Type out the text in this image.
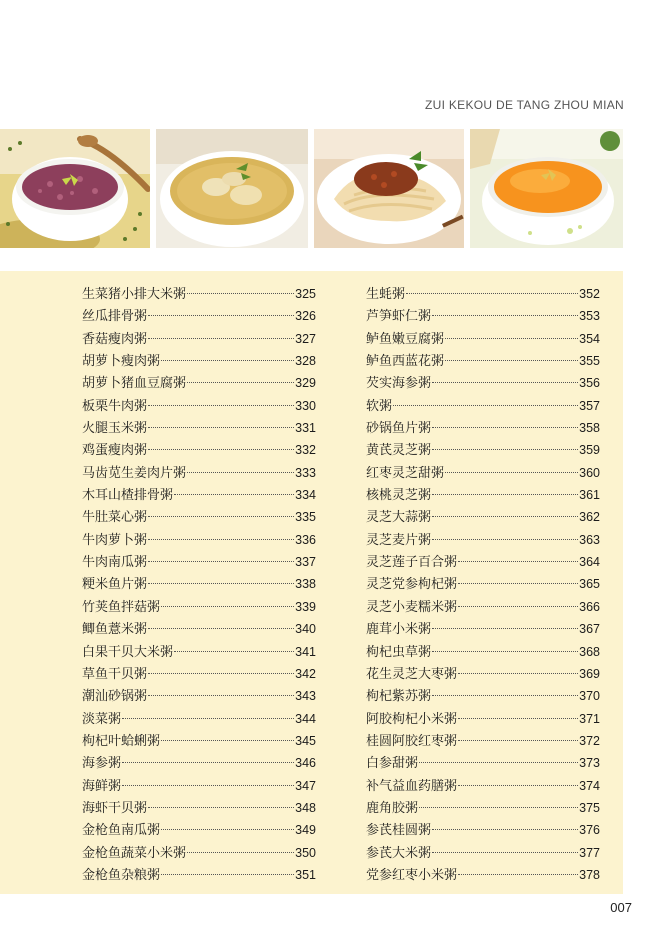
ZUI KEKOU DE TANG ZHOU MIAN
生菜猪小排大米粥	325
丝瓜排骨粥	326
香菇瘦肉粥	327
胡萝卜瘦肉粥	328
胡萝卜猪血豆腐粥	329
板栗牛肉粥	330
火腿玉米粥	331
鸡蛋瘦肉粥	332
马齿苋生姜肉片粥	333
木耳山楂排骨粥	334
牛肚菜心粥	335
牛肉萝卜粥	336
牛肉南瓜粥	337
粳米鱼片粥	338
竹荚鱼拌菇粥	339
鲫鱼薏米粥	340
白果干贝大米粥	341
草鱼干贝粥	342
潮汕砂锅粥	343
淡菜粥	344
枸杞叶蛤蜊粥	345
海参粥	346
海鲜粥	347
海虾干贝粥	348
金枪鱼南瓜粥	349
金枪鱼蔬菜小米粥	350
金枪鱼杂粮粥	351
生蚝粥	352
芦笋虾仁粥	353
鲈鱼嫩豆腐粥	354
鲈鱼西蓝花粥	355
芡实海参粥	356
软粥	357
砂锅鱼片粥	358
黄芪灵芝粥	359
红枣灵芝甜粥	360
核桃灵芝粥	361
灵芝大蒜粥	362
灵芝麦片粥	363
灵芝莲子百合粥	364
灵芝党参枸杞粥	365
灵芝小麦糯米粥	366
鹿茸小米粥	367
枸杞虫草粥	368
花生灵芝大枣粥	369
枸杞紫苏粥	370
阿胶枸杞小米粥	371
桂圆阿胶红枣粥	372
白参甜粥	373
补气益血药膳粥	374
鹿角胶粥	375
参芪桂圆粥	376
参芪大米粥	377
党参红枣小米粥	378
007
